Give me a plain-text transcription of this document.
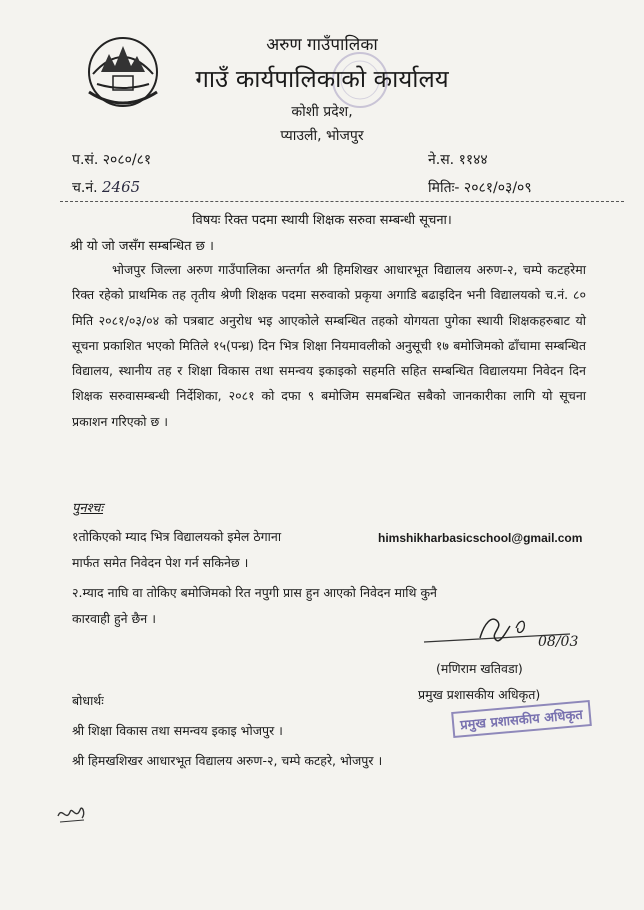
अरुण गाउँपालिका
गाउँ कार्यपालिकाको कार्यालय
कोशी प्रदेश,
प्याउली, भोजपुर
प.सं. २०८०/८१	ने.स. ११४४
च.नं. 2465	मितिः- २०८१/०३/०९
विषयः रिक्त पदमा स्थायी शिक्षक सरुवा सम्बन्धी सूचना।
श्री यो जो जसँग सम्बन्धित छ ।
भोजपुर जिल्ला अरुण गाउँपालिका अन्तर्गत श्री हिमशिखर आधारभूत विद्यालय अरुण-२, चम्पे कटहरेमा रिक्त रहेको प्राथमिक तह तृतीय श्रेणी शिक्षक पदमा सरुवाको प्रकृया अगाडि बढाइदिन भनी विद्यालयको च.नं. ८० मिति २०८१/०३/०४ को पत्रबाट अनुरोध भइ आएकोले सम्बन्धित तहको योगयता पुगेका स्थायी शिक्षकहरुबाट यो सूचना प्रकाशित भएको मितिले १५(पन्ध्र) दिन भित्र शिक्षा नियमावलीको अनुसूची १७ बमोजिमको ढाँचामा सम्बन्धित विद्यालय, स्थानीय तह र शिक्षा विकास तथा समन्वय इकाइको सहमति सहित सम्बन्धित विद्यालयमा निवेदन दिन शिक्षक सरुवासम्बन्धी निर्देशिका, २०८१ को दफा ९ बमोजिम समबन्धित सबैको जानकारीका लागि यो सूचना प्रकाशन गरिएको छ ।
पुनश्चः
१तोकिएको म्याद भित्र विद्यालयको इमेल ठेगाना	himshikharbasicschool@gmail.com
मार्फत समेत निवेदन पेश गर्न सकिनेछ ।
२.म्याद नाघि वा तोकिए बमोजिमको रित नपुगी प्रास हुन आएको निवेदन माथि कुनै
कारवाही हुने छैन ।
08/03
(मणिराम खतिवडा)
प्रमुख प्रशासकीय अधिकृत)
प्रमुख प्रशासकीय अधिकृत
बोधार्थः
श्री शिक्षा विकास तथा समन्वय इकाइ भोजपुर ।
श्री हिमखशिखर आधारभूत विद्यालय अरुण-२, चम्पे कटहरे, भोजपुर ।
